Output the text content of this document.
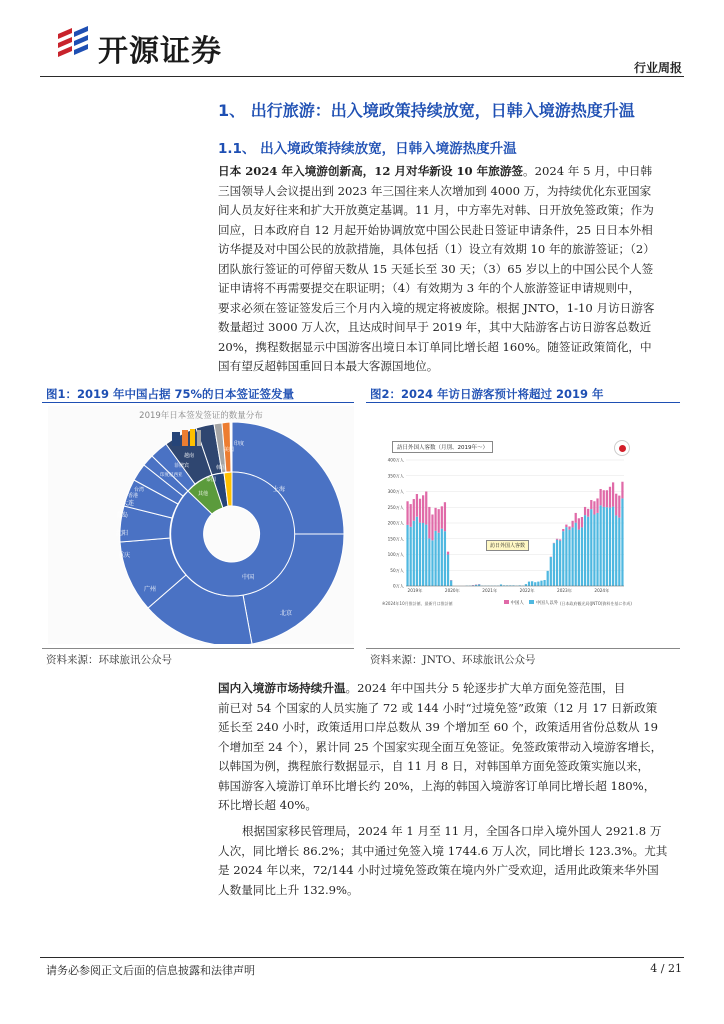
开源证券	行业周报
1、 出行旅游：出入境政策持续放宽，日韩入境游热度升温
1.1、 出入境政策持续放宽，日韩入境游热度升温
日本 2024 年入境游创新高，12 月对华新设 10 年旅游签。2024 年 5 月，中日韩
三国领导人会议提出到 2023 年三国往来人次增加到 4000 万，为持续优化东亚国家
间人员友好往来和扩大开放奠定基调。11 月，中方率先对韩、日开放免签政策；作为
回应，日本政府自 12 月起开始协调放宽中国公民赴日签证申请条件，25 日日本外相
访华提及对中国公民的放款措施，具体包括（1）设立有效期 10 年的旅游签证；（2）
团队旅行签证的可停留天数从 15 天延长至 30 天；（3）65 岁以上的中国公民个人签
证申请将不再需要提交在职证明；（4）有效期为 3 年的个人旅游签证申请规则中，
要求必须在签证签发后三个月内入境的规定将被废除。根据 JNTO，1-10 月访日游客
数量超过 3000 万人次，且达成时间早于 2019 年，其中大陆游客占访日游客总数近
20%，携程数据显示中国游客出境日本订单同比增长超 160%。随签证政策简化，中
国有望反超韩国重回日本最大客源国地位。
图1：2019 年中国占据 75%的日本签证签发量
2019年日本签发签证的数量分布
上海
北京
广州
沈阳
重庆
青岛
大连
香港
台湾
中国
其他
泰国
菲律宾
越南
印度尼西亚
韩国
美国
印度
资料来源：环球旅讯公众号
图2：2024 年访日游客预计将超过 2019 年
訪日外国人客数（月別、2019年～）
400万人
350万人
300万人
250万人
200万人
150万人
100万人
50万人
0万人
2019年	2020年	2021年	2022年	2023年	2024年
訪日外国人客数
中国人	中国人以外
※2024年10月推計値、最新月は推計値	(日本政府観光局(JNTO)資料を基に作成)
资料来源：JNTO、环球旅讯公众号
国内入境游市场持续升温。2024 年中国共分 5 轮逐步扩大单方面免签范围，目
前已对 54 个国家的人员实施了 72 或 144 小时“过境免签”政策（12 月 17 日新政策
延长至 240 小时，政策适用口岸总数从 39 个增加至 60 个，政策适用省份总数从 19
个增加至 24 个），累计同 25 个国家实现全面互免签证。免签政策带动入境游客增长，
以韩国为例，携程旅行数据显示，自 11 月 8 日，对韩国单方面免签政策实施以来，
韩国游客入境游订单环比增长约 20%，上海的韩国入境游客订单同比增长超 180%，
环比增长超 40%。
根据国家移民管理局，2024 年 1 月至 11 月，全国各口岸入境外国人 2921.8 万
人次，同比增长 86.2%；其中通过免签入境 1744.6 万人次，同比增长 123.3%。尤其
是 2024 年以来，72/144 小时过境免签政策在境内外广受欢迎，适用此政策来华外国
人数量同比上升 132.9%。
请务必参阅正文后面的信息披露和法律声明	4 / 21
